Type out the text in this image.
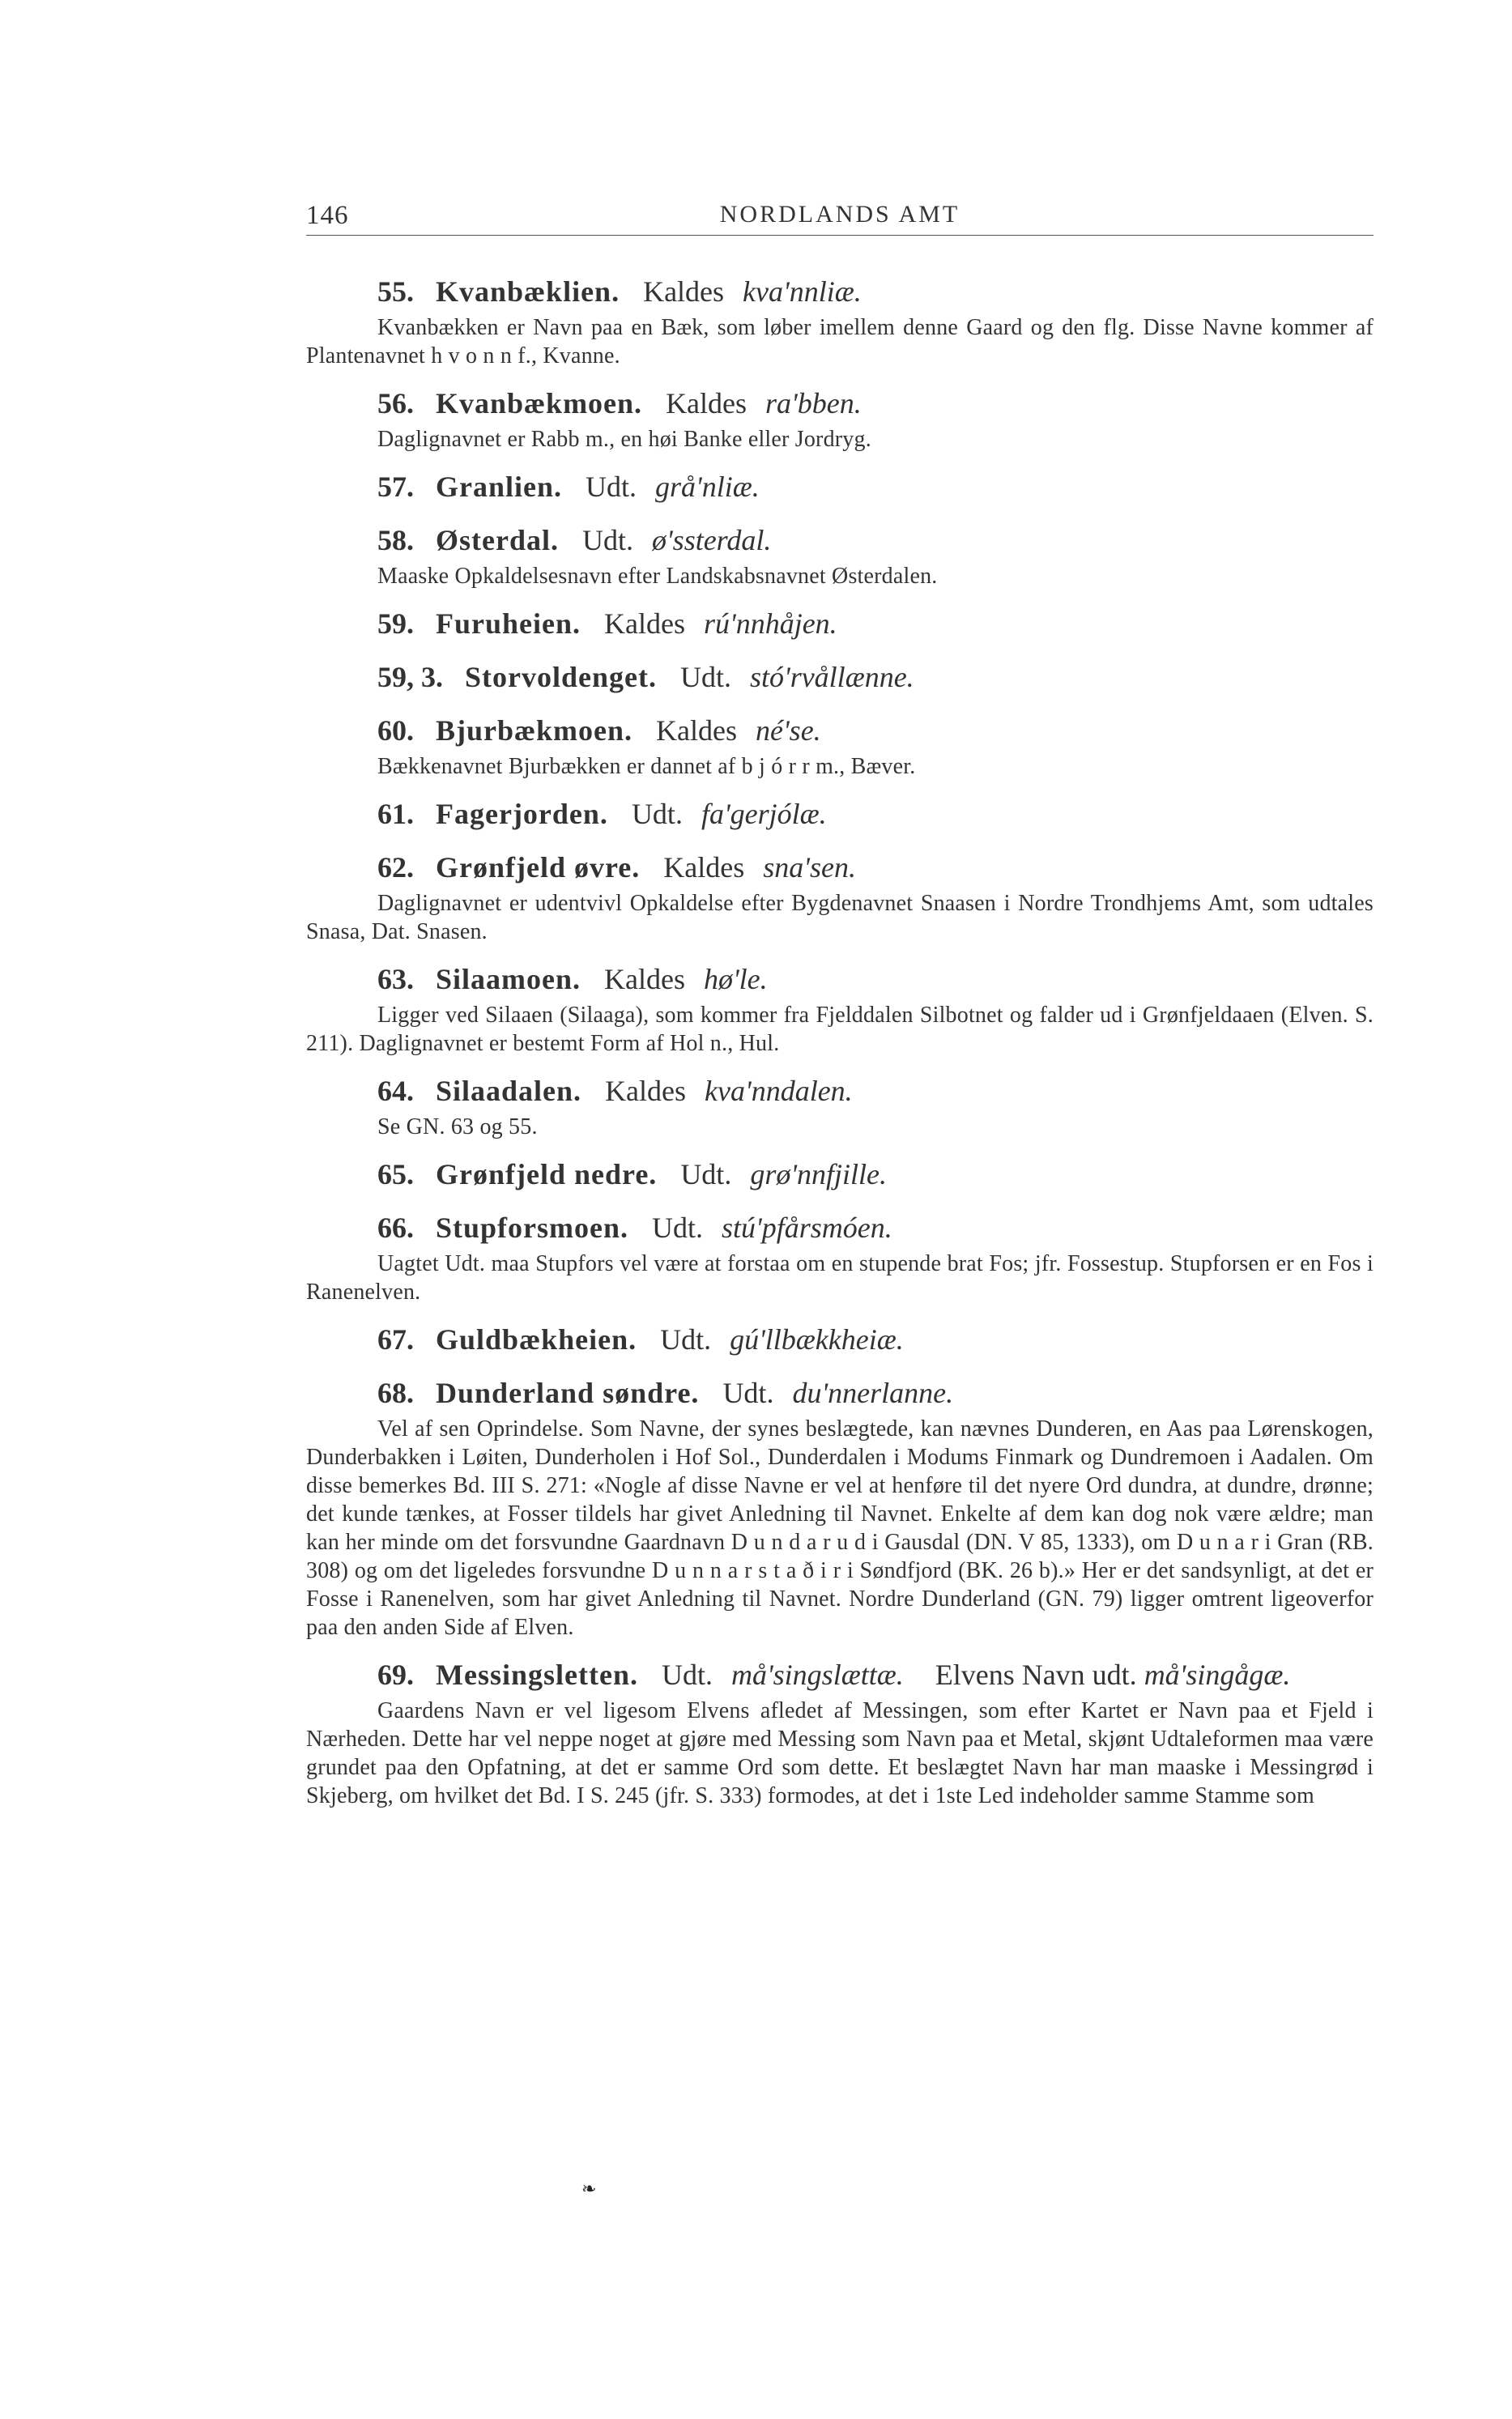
146	NORDLANDS AMT

55. Kvanbæklien. Kaldes kva'nnliæ.

Kvanbækken er Navn paa en Bæk, som løber imellem denne Gaard og den flg. Disse Navne kommer af Plantenavnet h v o n n f., Kvanne.

56. Kvanbækmoen. Kaldes ra'bben.

Daglignavnet er Rabb m., en høi Banke eller Jordryg.

57. Granlien. Udt. grå'nliæ.

58. Østerdal. Udt. ø'ssterdal.

Maaske Opkaldelsesnavn efter Landskabsnavnet Østerdalen.

59. Furuheien. Kaldes rú'nnhåjen.

59, 3. Storvoldenget. Udt. stó'rvållænne.

60. Bjurbækmoen. Kaldes né'se.

Bækkenavnet Bjurbækken er dannet af b j ó r r m., Bæver.

61. Fagerjorden. Udt. fa'gerjólæ.

62. Grønfjeld øvre. Kaldes sna'sen.

Daglignavnet er udentvivl Opkaldelse efter Bygdenavnet Snaasen i Nordre Trondhjems Amt, som udtales Snasa, Dat. Snasen.

63. Silaamoen. Kaldes hø'le.

Ligger ved Silaaen (Silaaga), som kommer fra Fjelddalen Silbotnet og falder ud i Grønfjeldaaen (Elven. S. 211). Daglignavnet er bestemt Form af Hol n., Hul.

64. Silaadalen. Kaldes kva'nndalen.

Se GN. 63 og 55.

65. Grønfjeld nedre. Udt. grø'nnfjille.

66. Stupforsmoen. Udt. stú'pfårsmóen.

Uagtet Udt. maa Stupfors vel være at forstaa om en stupende brat Fos; jfr. Fossestup. Stupforsen er en Fos i Ranenelven.

67. Guldbækheien. Udt. gú'llbækkheiæ.

68. Dunderland søndre. Udt. du'nnerlanne.

Vel af sen Oprindelse. Som Navne, der synes beslægtede, kan nævnes Dunderen, en Aas paa Lørenskogen, Dunderbakken i Løiten, Dunderholen i Hof Sol., Dunderdalen i Modums Finmark og Dundremoen i Aadalen. Om disse bemerkes Bd. III S. 271: «Nogle af disse Navne er vel at henføre til det nyere Ord dundra, at dundre, drønne; det kunde tænkes, at Fosser tildels har givet Anledning til Navnet. Enkelte af dem kan dog nok være ældre; man kan her minde om det forsvundne Gaardnavn D u n d a r u d i Gausdal (DN. V 85, 1333), om D u n a r i Gran (RB. 308) og om det ligeledes forsvundne D u n n a r s t a ð i r i Søndfjord (BK. 26 b).» Her er det sandsynligt, at det er Fosse i Ranenelven, som har givet Anledning til Navnet. Nordre Dunderland (GN. 79) ligger omtrent ligeoverfor paa den anden Side af Elven.

69. Messingsletten. Udt. må'singslættæ. Elvens Navn udt. må'singågæ.

Gaardens Navn er vel ligesom Elvens afledet af Messingen, som efter Kartet er Navn paa et Fjeld i Nærheden. Dette har vel neppe noget at gjøre med Messing som Navn paa et Metal, skjønt Udtaleformen maa være grundet paa den Opfatning, at det er samme Ord som dette. Et beslægtet Navn har man maaske i Messingrød i Skjeberg, om hvilket det Bd. I S. 245 (jfr. S. 333) formodes, at det i 1ste Led indeholder samme Stamme som

❧
